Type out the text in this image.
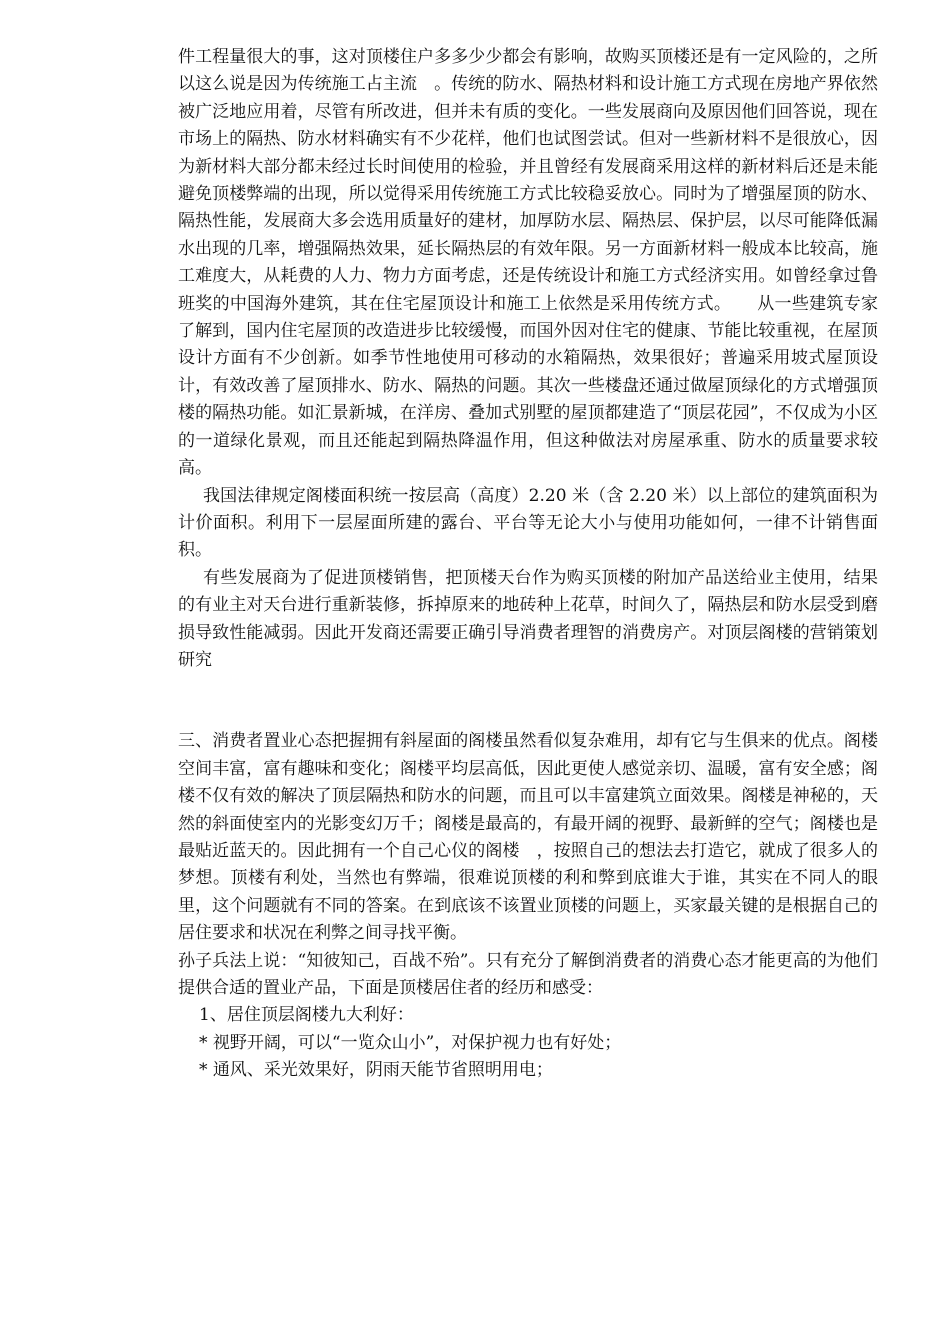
件工程量很大的事，这对顶楼住户多多少少都会有影响，故购买顶楼还是有一定风险的，之所以这么说是因为传统施工占主流　。传统的防水、隔热材料和设计施工方式现在房地产界依然被广泛地应用着，尽管有所改进，但并未有质的变化。一些发展商向及原因他们回答说，现在市场上的隔热、防水材料确实有不少花样，他们也试图尝试。但对一些新材料不是很放心，因为新材料大部分都未经过长时间使用的检验，并且曾经有发展商采用这样的新材料后还是未能避免顶楼弊端的出现，所以觉得采用传统施工方式比较稳妥放心。同时为了增强屋顶的防水、隔热性能，发展商大多会选用质量好的建材，加厚防水层、隔热层、保护层，以尽可能降低漏水出现的几率，增强隔热效果，延长隔热层的有效年限。另一方面新材料一般成本比较高，施工难度大，从耗费的人力、物力方面考虑，还是传统设计和施工方式经济实用。如曾经拿过鲁班奖的中国海外建筑，其在住宅屋顶设计和施工上依然是采用传统方式。　　从一些建筑专家了解到，国内住宅屋顶的改造进步比较缓慢，而国外因对住宅的健康、节能比较重视，在屋顶设计方面有不少创新。如季节性地使用可移动的水箱隔热，效果很好；普遍采用坡式屋顶设计，有效改善了屋顶排水、防水、隔热的问题。其次一些楼盘还通过做屋顶绿化的方式增强顶楼的隔热功能。如汇景新城，在洋房、叠加式别墅的屋顶都建造了“顶层花园”，不仅成为小区的一道绿化景观，而且还能起到隔热降温作用，但这种做法对房屋承重、防水的质量要求较高。

我国法律规定阁楼面积统一按层高（高度）2.20 米（含 2.20 米）以上部位的建筑面积为计价面积。利用下一层屋面所建的露台、平台等无论大小与使用功能如何，一律不计销售面积。

有些发展商为了促进顶楼销售，把顶楼天台作为购买顶楼的附加产品送给业主使用，结果的有业主对天台进行重新装修，拆掉原来的地砖种上花草，时间久了，隔热层和防水层受到磨损导致性能减弱。因此开发商还需要正确引导消费者理智的消费房产。对顶层阁楼的营销策划研究

三、消费者置业心态把握拥有斜屋面的阁楼虽然看似复杂难用，却有它与生俱来的优点。阁楼空间丰富，富有趣味和变化；阁楼平均层高低，因此更使人感觉亲切、温暖，富有安全感；阁楼不仅有效的解决了顶层隔热和防水的问题，而且可以丰富建筑立面效果。阁楼是神秘的，天然的斜面使室内的光影变幻万千；阁楼是最高的，有最开阔的视野、最新鲜的空气；阁楼也是最贴近蓝天的。因此拥有一个自己心仪的阁楼　，按照自己的想法去打造它，就成了很多人的梦想。顶楼有利处，当然也有弊端，很难说顶楼的利和弊到底谁大于谁，其实在不同人的眼里，这个问题就有不同的答案。在到底该不该置业顶楼的问题上，买家最关键的是根据自己的居住要求和状况在利弊之间寻找平衡。

孙子兵法上说：“知彼知己，百战不殆”。只有充分了解倒消费者的消费心态才能更高的为他们提供合适的置业产品，下面是顶楼居住者的经历和感受：

1、居住顶层阁楼九大利好：

* 视野开阔，可以“一览众山小”，对保护视力也有好处；

* 通风、采光效果好，阴雨天能节省照明用电；
